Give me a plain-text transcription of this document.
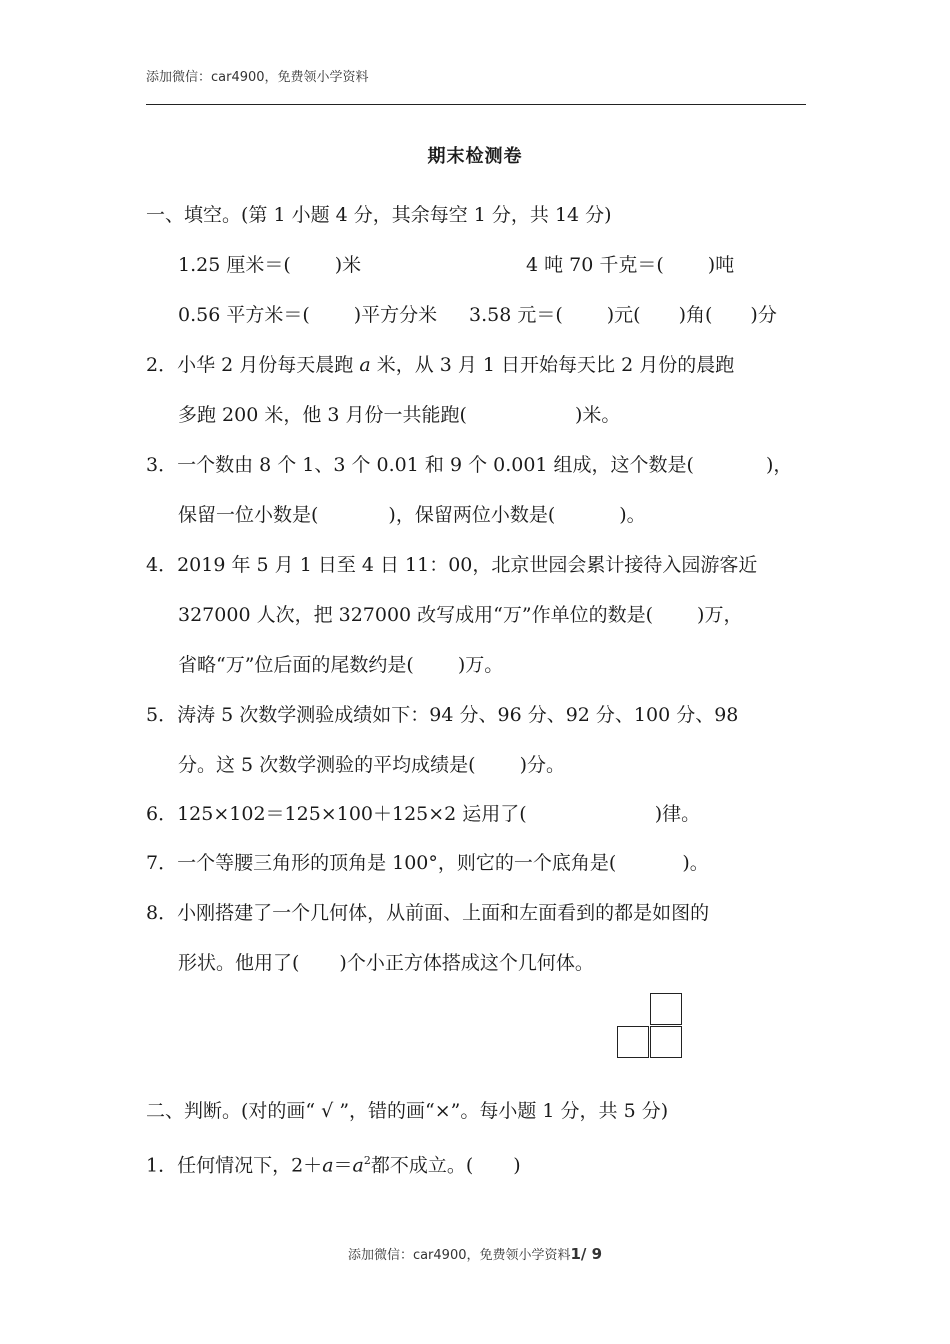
添加微信：car4900，免费领小学资料
期末检测卷
一、填空。(第 1 小题 4 分，其余每空 1 分，共 14 分)
1.25 厘米＝( )米	4 吨 70 千克＝( )吨
0.56 平方米＝( )平方分米 3.58 元＝( )元( )角( )分
2．小华 2 月份每天晨跑 a 米，从 3 月 1 日开始每天比 2 月份的晨跑
多跑 200 米，他 3 月份一共能跑(	)米。
3．一个数由 8 个 1、3 个 0.01 和 9 个 0.001 组成，这个数是(	)，
保留一位小数是(	)，保留两位小数是(	)。
4．2019 年 5 月 1 日至 4 日 11：00，北京世园会累计接待入园游客近
327000 人次，把 327000 改写成用“万”作单位的数是( )万，
省略“万”位后面的尾数约是( )万。
5．涛涛 5 次数学测验成绩如下：94 分、96 分、92 分、100 分、98
分。这 5 次数学测验的平均成绩是( )分。
6．125×102＝125×100＋125×2 运用了(	)律。
7．一个等腰三角形的顶角是 100°，则它的一个底角是(	)。
8．小刚搭建了一个几何体，从前面、上面和左面看到的都是如图的
形状。他用了( )个小正方体搭成这个几何体。
二、判断。(对的画“ √ ”，错的画“×”。每小题 1 分，共 5 分)
1．任何情况下，$2+a=a^2$都不成立。( )
添加微信：car4900，免费领小学资料1/ 9
